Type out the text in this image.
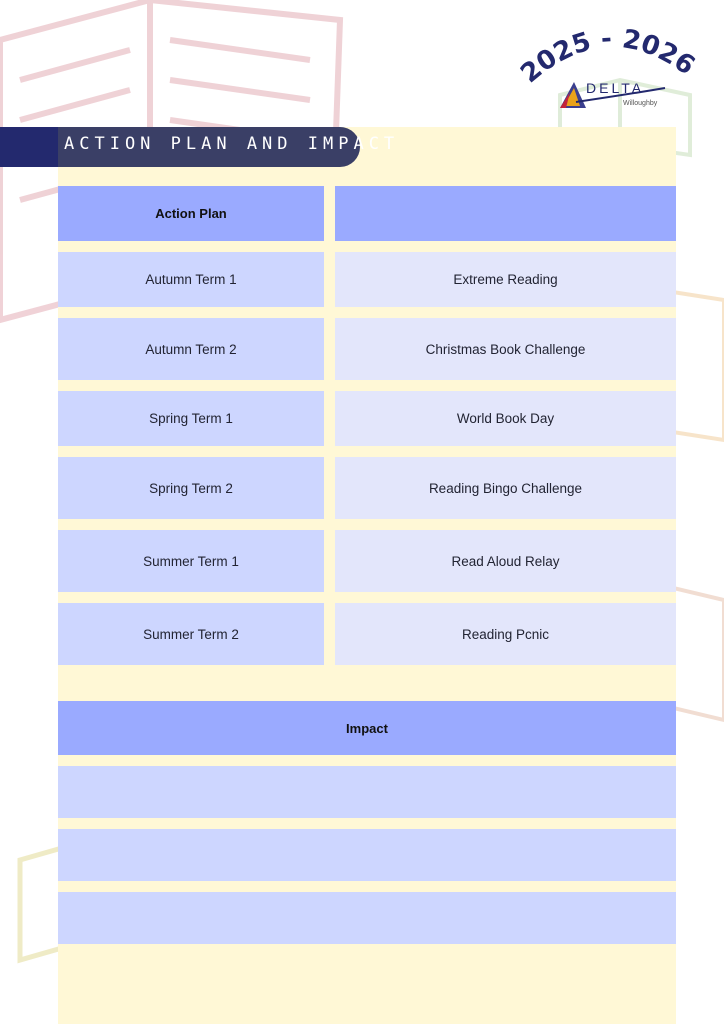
ACTION PLAN AND IMPACT
025 - 2026
DELTA
Willoughby
Action Plan
Autumn Term 1	Extreme Reading
Autumn Term 2	Christmas Book Challenge
Spring Term 1	World Book Day
Spring Term 2	Reading Bingo Challenge
Summer Term 1	Read Aloud Relay
Summer Term 2	Reading Pcnic
Impact
